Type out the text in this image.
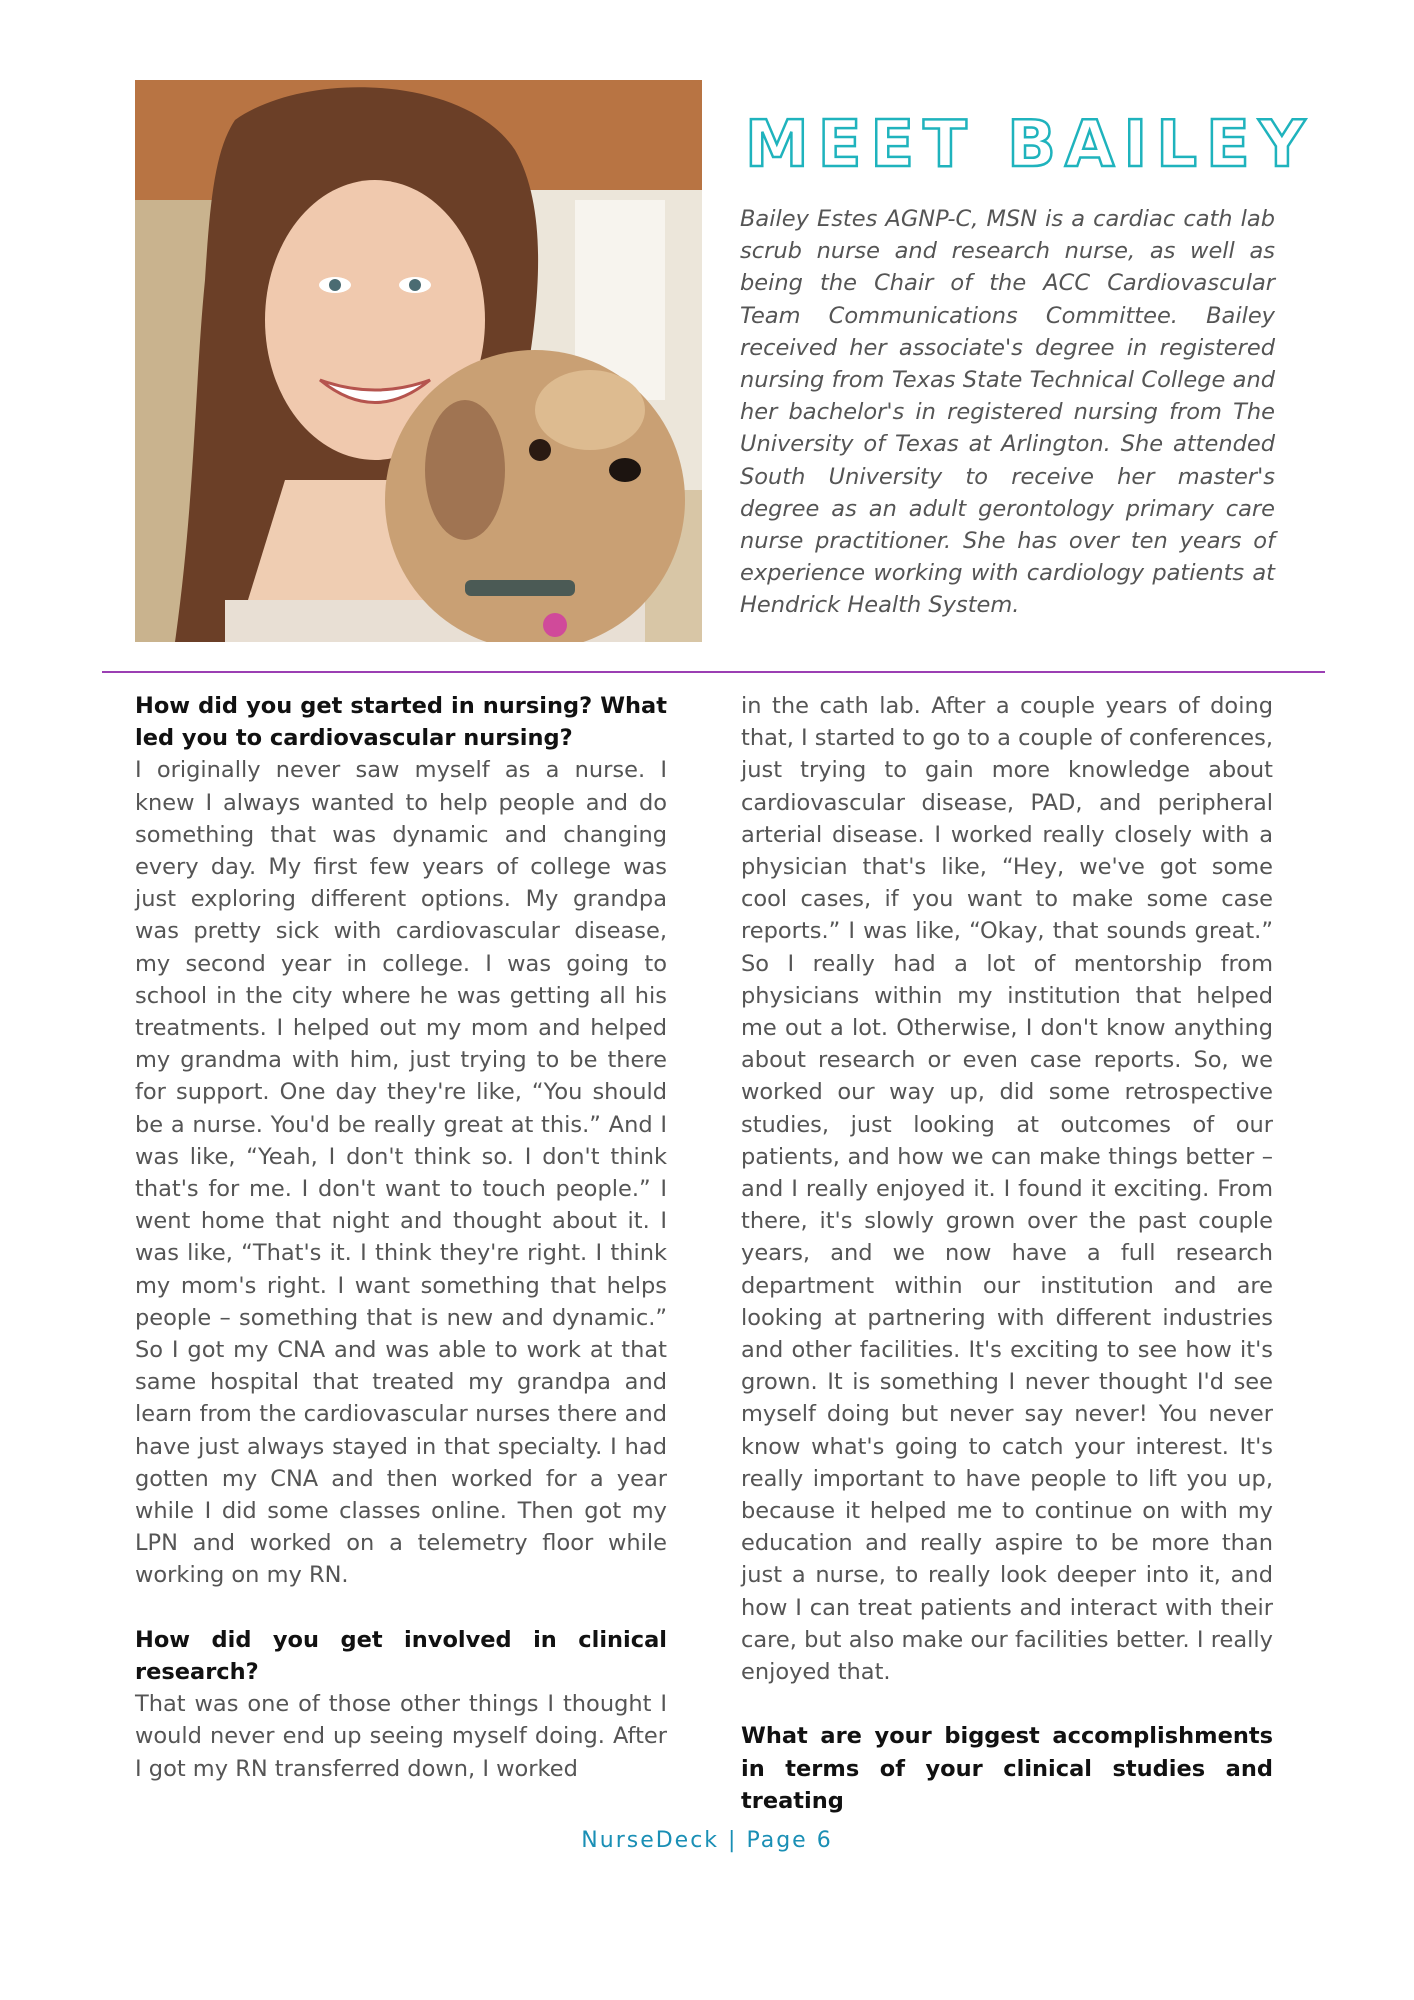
MEET BAILEY

Bailey Estes AGNP-C, MSN is a cardiac cath lab scrub nurse and research nurse, as well as being the Chair of the ACC Cardiovascular Team Communications Committee. Bailey received her associate's degree in registered nursing from Texas State Technical College and her bachelor's in registered nursing from The University of Texas at Arlington. She attended South University to receive her master's degree as an adult gerontology primary care nurse practitioner. She has over ten years of experience working with cardiology patients at Hendrick Health System.

How did you get started in nursing? What led you to cardiovascular nursing?

I originally never saw myself as a nurse. I knew I always wanted to help people and do something that was dynamic and changing every day. My first few years of college was just exploring different options. My grandpa was pretty sick with cardiovascular disease, my second year in college. I was going to school in the city where he was getting all his treatments. I helped out my mom and helped my grandma with him, just trying to be there for support. One day they're like, “You should be a nurse. You'd be really great at this.” And I was like, “Yeah, I don't think so. I don't think that's for me. I don't want to touch people.” I went home that night and thought about it. I was like, “That's it. I think they're right. I think my mom's right. I want something that helps people – something that is new and dynamic.” So I got my CNA and was able to work at that same hospital that treated my grandpa and learn from the cardiovascular nurses there and have just always stayed in that specialty. I had gotten my CNA and then worked for a year while I did some classes online. Then got my LPN and worked on a telemetry floor while working on my RN.

How did you get involved in clinical research?

That was one of those other things I thought I would never end up seeing myself doing. After I got my RN transferred down, I worked

in the cath lab. After a couple years of doing that, I started to go to a couple of conferences, just trying to gain more knowledge about cardiovascular disease, PAD, and peripheral arterial disease. I worked really closely with a physician that's like, “Hey, we've got some cool cases, if you want to make some case reports.” I was like, “Okay, that sounds great.” So I really had a lot of mentorship from physicians within my institution that helped me out a lot. Otherwise, I don't know anything about research or even case reports. So, we worked our way up, did some retrospective studies, just looking at outcomes of our patients, and how we can make things better – and I really enjoyed it. I found it exciting. From there, it's slowly grown over the past couple years, and we now have a full research department within our institution and are looking at partnering with different industries and other facilities. It's exciting to see how it's grown. It is something I never thought I'd see myself doing but never say never! You never know what's going to catch your interest. It's really important to have people to lift you up, because it helped me to continue on with my education and really aspire to be more than just a nurse, to really look deeper into it, and how I can treat patients and interact with their care, but also make our facilities better. I really enjoyed that.

What are your biggest accomplishments in terms of your clinical studies and treating

NurseDeck | Page 6
